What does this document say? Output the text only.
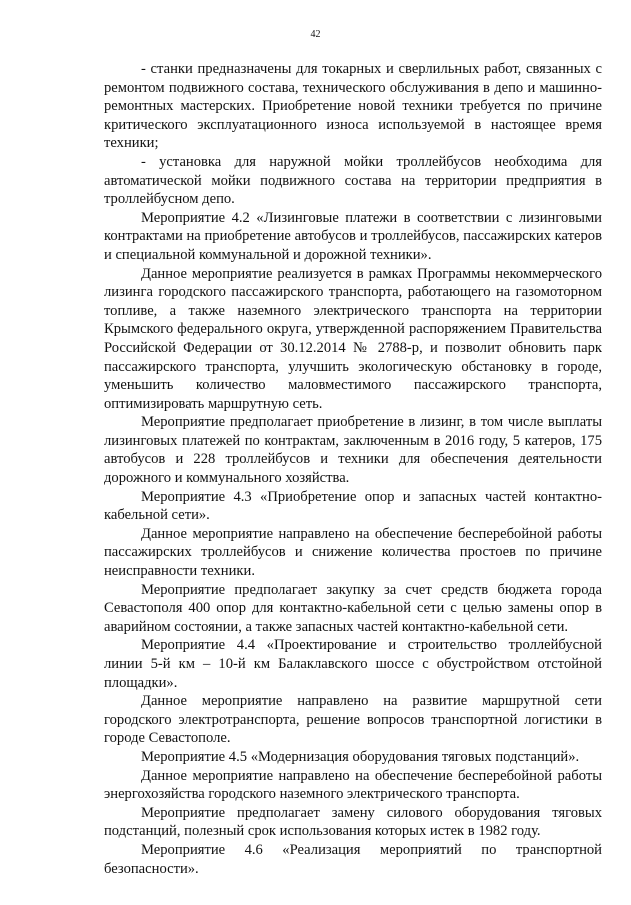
42

- станки предназначены для токарных и сверлильных работ, связанных с ремонтом подвижного состава, технического обслуживания в депо и машинно-ремонтных мастерских. Приобретение новой техники требуется по причине критического эксплуатационного износа используемой в настоящее время техники;

- установка для наружной мойки троллейбусов необходима для автоматической мойки подвижного состава на территории предприятия в троллейбусном депо.

Мероприятие 4.2 «Лизинговые платежи в соответствии с лизинговыми контрактами на приобретение автобусов и троллейбусов, пассажирских катеров и специальной коммунальной и дорожной техники».

Данное мероприятие реализуется в рамках Программы некоммерческого лизинга городского пассажирского транспорта, работающего на газомоторном топливе, а также наземного электрического транспорта на территории Крымского федерального округа, утвержденной распоряжением Правительства Российской Федерации от 30.12.2014 № 2788-р, и позволит обновить парк пассажирского транспорта, улучшить экологическую обстановку в городе, уменьшить количество маловместимого пассажирского транспорта, оптимизировать маршрутную сеть.

Мероприятие предполагает приобретение в лизинг, в том числе выплаты лизинговых платежей по контрактам, заключенным в 2016 году, 5 катеров, 175 автобусов и 228 троллейбусов и техники для обеспечения деятельности дорожного и коммунального хозяйства.

Мероприятие 4.3 «Приобретение опор и запасных частей контактно-кабельной сети».

Данное мероприятие направлено на обеспечение бесперебойной работы пассажирских троллейбусов и снижение количества простоев по причине неисправности техники.

Мероприятие предполагает закупку за счет средств бюджета города Севастополя 400 опор для контактно-кабельной сети с целью замены опор в аварийном состоянии, а также запасных частей контактно-кабельной сети.

Мероприятие 4.4 «Проектирование и строительство троллейбусной линии 5-й км – 10-й км Балаклавского шоссе с обустройством отстойной площадки».

Данное мероприятие направлено на развитие маршрутной сети городского электротранспорта, решение вопросов транспортной логистики в городе Севастополе.

Мероприятие 4.5 «Модернизация оборудования тяговых подстанций».

Данное мероприятие направлено на обеспечение бесперебойной работы энергохозяйства городского наземного электрического транспорта.

Мероприятие предполагает замену силового оборудования тяговых подстанций, полезный срок использования которых истек в 1982 году.

Мероприятие 4.6 «Реализация мероприятий по транспортной безопасности».
